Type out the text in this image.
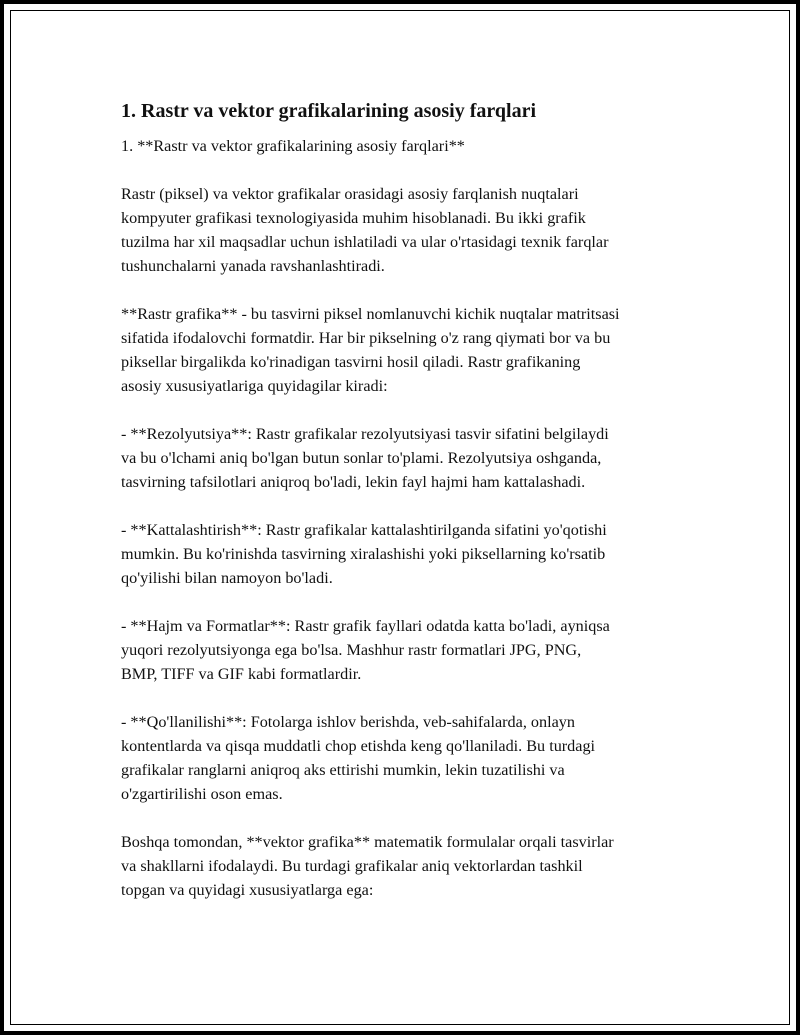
1. Rastr va vektor grafikalarining asosiy farqlari

1. **Rastr va vektor grafikalarining asosiy farqlari**

Rastr (piksel) va vektor grafikalar orasidagi asosiy farqlanish nuqtalari

kompyuter grafikasi texnologiyasida muhim hisoblanadi. Bu ikki grafik

tuzilma har xil maqsadlar uchun ishlatiladi va ular o'rtasidagi texnik farqlar

tushunchalarni yanada ravshanlashtiradi.

**Rastr grafika** - bu tasvirni piksel nomlanuvchi kichik nuqtalar matritsasi

sifatida ifodalovchi formatdir. Har bir pikselning o'z rang qiymati bor va bu

piksellar birgalikda ko'rinadigan tasvirni hosil qiladi. Rastr grafikaning

asosiy xususiyatlariga quyidagilar kiradi:

- **Rezolyutsiya**: Rastr grafikalar rezolyutsiyasi tasvir sifatini belgilaydi

va bu o'lchami aniq bo'lgan butun sonlar to'plami. Rezolyutsiya oshganda,

tasvirning tafsilotlari aniqroq bo'ladi, lekin fayl hajmi ham kattalashadi.

- **Kattalashtirish**: Rastr grafikalar kattalashtirilganda sifatini yo'qotishi

mumkin. Bu ko'rinishda tasvirning xiralashishi yoki piksellarning ko'rsatib

qo'yilishi bilan namoyon bo'ladi.

- **Hajm va Formatlar**: Rastr grafik fayllari odatda katta bo'ladi, ayniqsa

yuqori rezolyutsiyonga ega bo'lsa. Mashhur rastr formatlari JPG, PNG,

BMP, TIFF va GIF kabi formatlardir.

- **Qo'llanilishi**: Fotolarga ishlov berishda, veb-sahifalarda, onlayn

kontentlarda va qisqa muddatli chop etishda keng qo'llaniladi. Bu turdagi

grafikalar ranglarni aniqroq aks ettirishi mumkin, lekin tuzatilishi va

o'zgartirilishi oson emas.

Boshqa tomondan, **vektor grafika** matematik formulalar orqali tasvirlar

va shakllarni ifodalaydi. Bu turdagi grafikalar aniq vektorlardan tashkil

topgan va quyidagi xususiyatlarga ega:
